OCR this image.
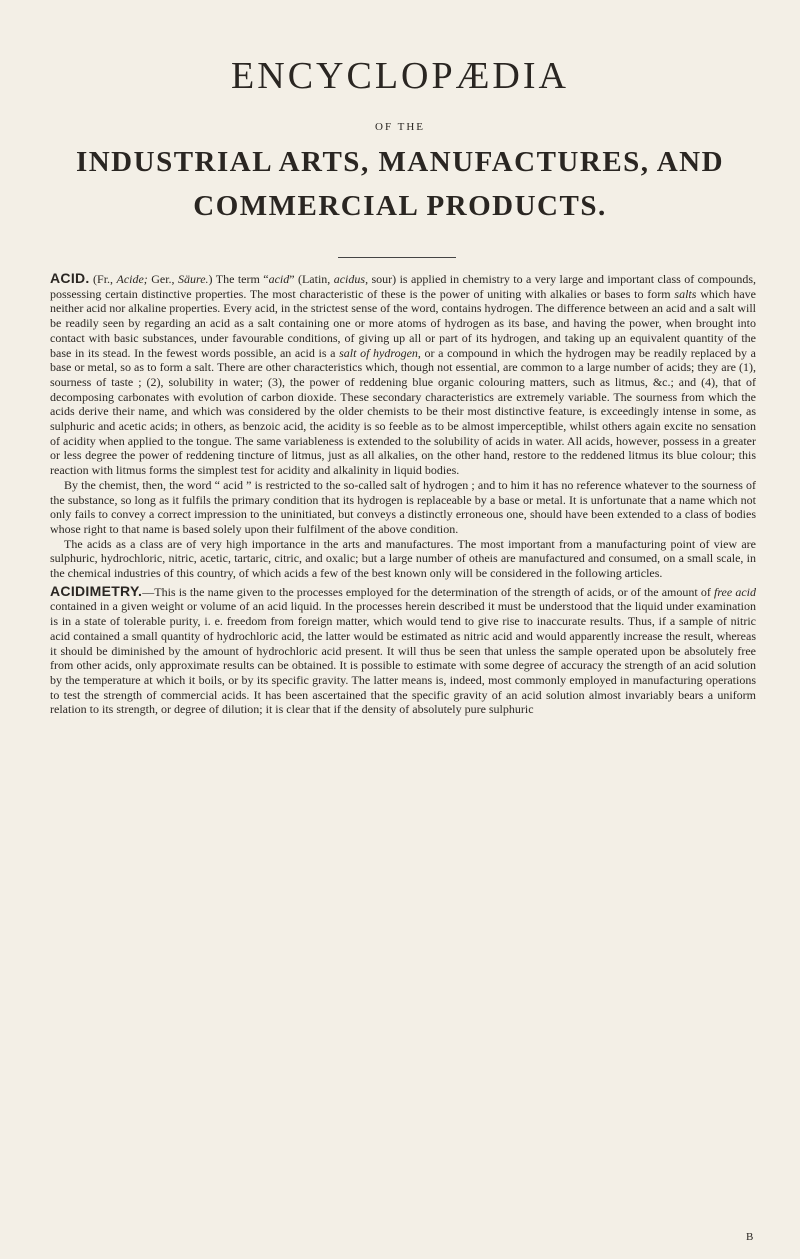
ENCYCLOPÆDIA
OF THE
INDUSTRIAL ARTS, MANUFACTURES, AND
COMMERCIAL PRODUCTS.

ACID. (Fr., Acide; Ger., Säure.) The term “acid” (Latin, acidus, sour) is applied in chemistry to a very large and important class of compounds, possessing certain distinctive properties. The most characteristic of these is the power of uniting with alkalies or bases to form salts which have neither acid nor alkaline properties. Every acid, in the strictest sense of the word, contains hydrogen. The difference between an acid and a salt will be readily seen by regarding an acid as a salt containing one or more atoms of hydrogen as its base, and having the power, when brought into contact with basic substances, under favourable conditions, of giving up all or part of its hydrogen, and taking up an equivalent quantity of the base in its stead. In the fewest words possible, an acid is a salt of hydrogen, or a compound in which the hydrogen may be readily replaced by a base or metal, so as to form a salt. There are other characteristics which, though not essential, are common to a large number of acids; they are (1), sourness of taste ; (2), solubility in water; (3), the power of reddening blue organic colouring matters, such as litmus, &c.; and (4), that of decomposing carbonates with evolution of carbon dioxide. These secondary characteristics are extremely variable. The sourness from which the acids derive their name, and which was considered by the older chemists to be their most distinctive feature, is exceedingly intense in some, as sulphuric and acetic acids; in others, as benzoic acid, the acidity is so feeble as to be almost imperceptible, whilst others again excite no sensation of acidity when applied to the tongue. The same variableness is extended to the solubility of acids in water. All acids, however, possess in a greater or less degree the power of reddening tincture of litmus, just as all alkalies, on the other hand, restore to the reddened litmus its blue colour; this reaction with litmus forms the simplest test for acidity and alkalinity in liquid bodies.

By the chemist, then, the word “ acid ” is restricted to the so-called salt of hydrogen ; and to him it has no reference whatever to the sourness of the substance, so long as it fulfils the primary condition that its hydrogen is replaceable by a base or metal. It is unfortunate that a name which not only fails to convey a correct impression to the uninitiated, but conveys a distinctly erroneous one, should have been extended to a class of bodies whose right to that name is based solely upon their fulfilment of the above condition.

The acids as a class are of very high importance in the arts and manufactures. The most important from a manufacturing point of view are sulphuric, hydrochloric, nitric, acetic, tartaric, citric, and oxalic; but a large number of otheis are manufactured and consumed, on a small scale, in the chemical industries of this country, of which acids a few of the best known only will be considered in the following articles.

ACIDIMETRY.—This is the name given to the processes employed for the determination of the strength of acids, or of the amount of free acid contained in a given weight or volume of an acid liquid. In the processes herein described it must be understood that the liquid under examination is in a state of tolerable purity, i. e. freedom from foreign matter, which would tend to give rise to inaccurate results. Thus, if a sample of nitric acid contained a small quantity of hydrochloric acid, the latter would be estimated as nitric acid and would apparently increase the result, whereas it should be diminished by the amount of hydrochloric acid present. It will thus be seen that unless the sample operated upon be absolutely free from other acids, only approximate results can be obtained. It is possible to estimate with some degree of accuracy the strength of an acid solution by the temperature at which it boils, or by its specific gravity. The latter means is, indeed, most commonly employed in manufacturing operations to test the strength of commercial acids. It has been ascertained that the specific gravity of an acid solution almost invariably bears a uniform relation to its strength, or degree of dilution; it is clear that if the density of absolutely pure sulphuric

B
